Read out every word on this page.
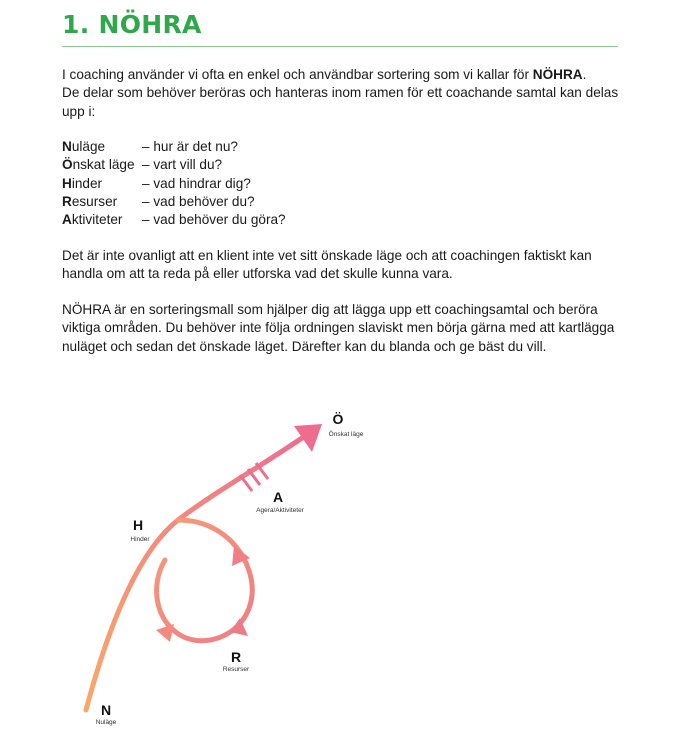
1. NÖHRA
I coaching använder vi ofta en enkel och användbar sortering som vi kallar för NÖHRA.
De delar som behöver beröras och hanteras inom ramen för ett coachande samtal kan delas upp i:
Nuläge	– hur är det nu?
Önskat läge – vart vill du?
Hinder	– vad hindrar dig?
Resurser	– vad behöver du?
Aktiviteter	– vad behöver du göra?
Det är inte ovanligt att en klient inte vet sitt önskade läge och att coachingen faktiskt kan handla om att ta reda på eller utforska vad det skulle kunna vara.
NÖHRA är en sorteringsmall som hjälper dig att lägga upp ett coachingsamtal och beröra viktiga områden. Du behöver inte följa ordningen slaviskt men börja gärna med att kartlägga nuläget och sedan det önskade läget. Därefter kan du blanda och ge bäst du vill.
Ö
Önskat läge
A
Agera/Aktiviteter
H
Hinder
R
Resurser
N
Nuläge
